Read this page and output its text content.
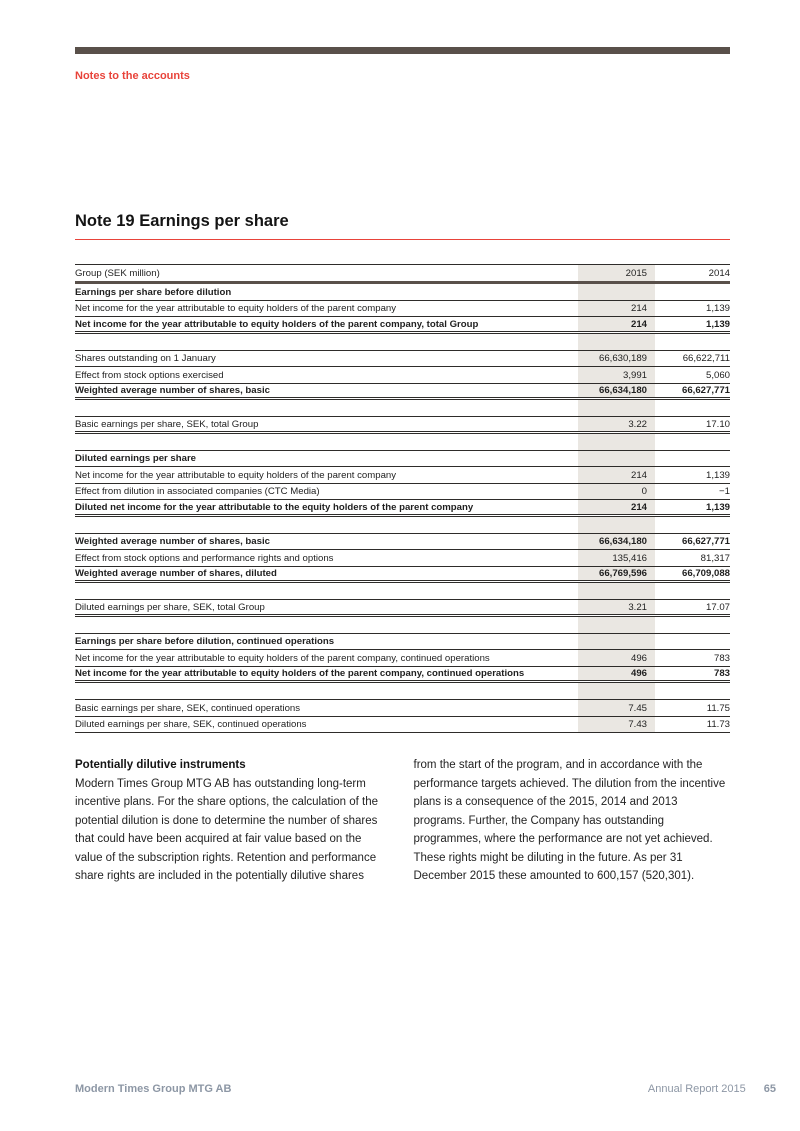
Notes to the accounts
Note 19 Earnings per share
Group (SEK million)	2015	2014
Earnings per share before dilution
Net income for the year attributable to equity holders of the parent company	214	1,139
Net income for the year attributable to equity holders of the parent company, total Group	214	1,139
Shares outstanding on 1 January	66,630,189	66,622,711
Effect from stock options exercised	3,991	5,060
Weighted average number of shares, basic	66,634,180	66,627,771
Basic earnings per share, SEK, total Group	3.22	17.10
Diluted earnings per share
Net income for the year attributable to equity holders of the parent company	214	1,139
Effect from dilution in associated companies (CTC Media)	0	−1
Diluted net income for the year attributable to the equity holders of the parent company	214	1,139
Weighted average number of shares, basic	66,634,180	66,627,771
Effect from stock options and performance rights and options	135,416	81,317
Weighted average number of shares, diluted	66,769,596	66,709,088
Diluted earnings per share, SEK, total Group	3.21	17.07
Earnings per share before dilution, continued operations
Net income for the year attributable to equity holders of the parent company, continued operations	496	783
Net income for the year attributable to equity holders of the parent company, continued operations	496	783
Basic earnings per share, SEK, continued operations	7.45	11.75
Diluted earnings per share, SEK, continued operations	7.43	11.73
Potentially dilutive instruments

Modern Times Group MTG AB has outstanding long-term incentive plans. For the share options, the calculation of the potential dilution is done to determine the number of shares that could have been acquired at fair value based on the value of the subscription rights. Retention and performance share rights are included in the potentially dilutive shares

from the start of the program, and in accordance with the performance targets achieved. The dilution from the incentive plans is a consequence of the 2015, 2014 and 2013 programs. Further, the Company has outstanding programmes, where the performance are not yet achieved. These rights might be diluting in the future. As per 31 December 2015 these amounted to 600,157 (520,301).

Modern Times Group MTG AB	Annual Report 2015 65
